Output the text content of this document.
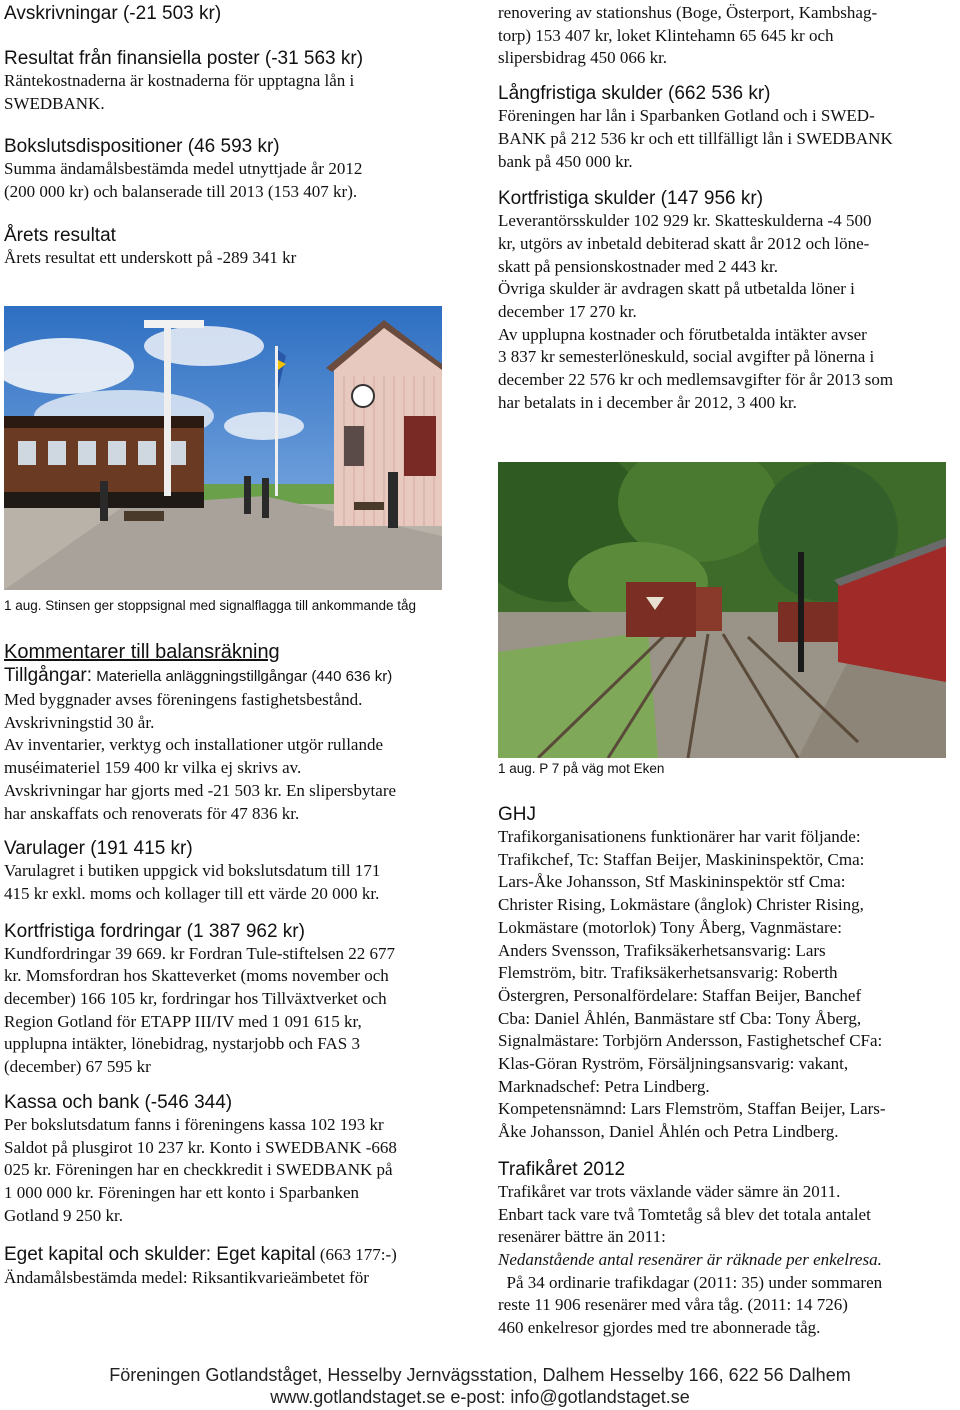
Avskrivningar (-21 503 kr)
Resultat från finansiella poster (-31 563 kr)

Räntekostnaderna är kostnaderna för upptagna lån i

SWEDBANK.

Bokslutsdispositioner (46 593 kr)

Summa ändamålsbestämda medel utnyttjade år 2012

(200 000 kr) och balanserade till 2013 (153 407 kr).

Årets resultat

Årets resultat ett underskott på -289 341 kr

1 aug. Stinsen ger stoppsignal med signalflagga till ankommande tåg

Kommentarer till balansräkning

Tillgångar: Materiella anläggningstillgångar (440 636 kr)

Med byggnader avses föreningens fastighetsbestånd.

Avskrivningstid 30 år.

Av inventarier, verktyg och installationer utgör rullande

muséimateriel 159 400 kr vilka ej skrivs av.

Avskrivningar har gjorts med -21 503 kr. En slipersbytare

har anskaffats och renoverats för 47 836 kr.

Varulager (191 415 kr)

Varulagret i butiken uppgick vid bokslutsdatum till 171

415 kr exkl. moms och kollager till ett värde 20 000 kr.

Kortfristiga fordringar (1 387 962 kr)

Kundfordringar 39 669. kr Fordran Tule-stiftelsen 22 677

kr. Momsfordran hos Skatteverket (moms november och

december) 166 105 kr, fordringar hos Tillväxtverket och

Region Gotland för ETAPP III/IV med 1 091 615 kr,

upplupna intäkter, lönebidrag, nystarjobb och FAS 3

(december) 67 595 kr

Kassa och bank (-546 344)

Per bokslutsdatum fanns i föreningens kassa 102 193 kr

Saldot på plusgirot 10 237 kr. Konto i SWEDBANK -668

025 kr. Föreningen har en checkkredit i SWEDBANK på

1 000 000 kr. Föreningen har ett konto i Sparbanken

Gotland 9 250 kr.

Eget kapital och skulder: Eget kapital (663 177:-)

Ändamålsbestämda medel: Riksantikvarieämbetet för

renovering av stationshus (Boge, Österport, Kambshag-

torp) 153 407 kr, loket Klintehamn 65 645 kr och

slipersbidrag 450 066 kr.

Långfristiga skulder (662 536 kr)

Föreningen har lån i Sparbanken Gotland och i SWED-

BANK på 212 536 kr och ett tillfälligt lån i SWEDBANK

bank på 450 000 kr.

Kortfristiga skulder (147 956 kr)

Leverantörsskulder 102 929 kr. Skatteskulderna -4 500

kr, utgörs av inbetald debiterad skatt år 2012 och löne-

skatt på pensionskostnader med 2 443 kr.

Övriga skulder är avdragen skatt på utbetalda löner i

december 17 270 kr.

Av upplupna kostnader och förutbetalda intäkter avser

3 837 kr semesterlöneskuld, social avgifter på lönerna i

december 22 576 kr och medlemsavgifter för år 2013 som

har betalats in i december år 2012, 3 400 kr.

1 aug. P 7 på väg mot Eken

GHJ

Trafikorganisationens funktionärer har varit följande:

Trafikchef, Tc: Staffan Beijer, Maskininspektör, Cma:

Lars-Åke Johansson, Stf Maskininspektör stf Cma:

Christer Rising, Lokmästare (ånglok) Christer Rising,

Lokmästare (motorlok) Tony Åberg, Vagnmästare:

Anders Svensson, Trafiksäkerhetsansvarig: Lars

Flemström, bitr. Trafiksäkerhetsansvarig: Roberth

Östergren, Personalfördelare: Staffan Beijer, Banchef

Cba: Daniel Åhlén, Banmästare stf Cba: Tony Åberg,

Signalmästare: Torbjörn Andersson, Fastighetschef CFa:

Klas-Göran Ryström, Försäljningsansvarig: vakant,

Marknadschef: Petra Lindberg.

Kompetensnämnd: Lars Flemström, Staffan Beijer, Lars-

Åke Johansson, Daniel Åhlén och Petra Lindberg.

Trafikåret 2012

Trafikåret var trots växlande väder sämre än 2011.

Enbart tack vare två Tomtetåg så blev det totala antalet

resenärer bättre än 2011:

Nedanstående antal resenärer är räknade per enkelresa.

På 34 ordinarie trafikdagar (2011: 35) under sommaren

reste 11 906 resenärer med våra tåg. (2011: 14 726)

460 enkelresor gjordes med tre abonnerade tåg.

Föreningen Gotlandståget, Hesselby Jernvägsstation, Dalhem Hesselby 166, 622 56 Dalhem
www.gotlandstaget.se e-post: info@gotlandstaget.se
